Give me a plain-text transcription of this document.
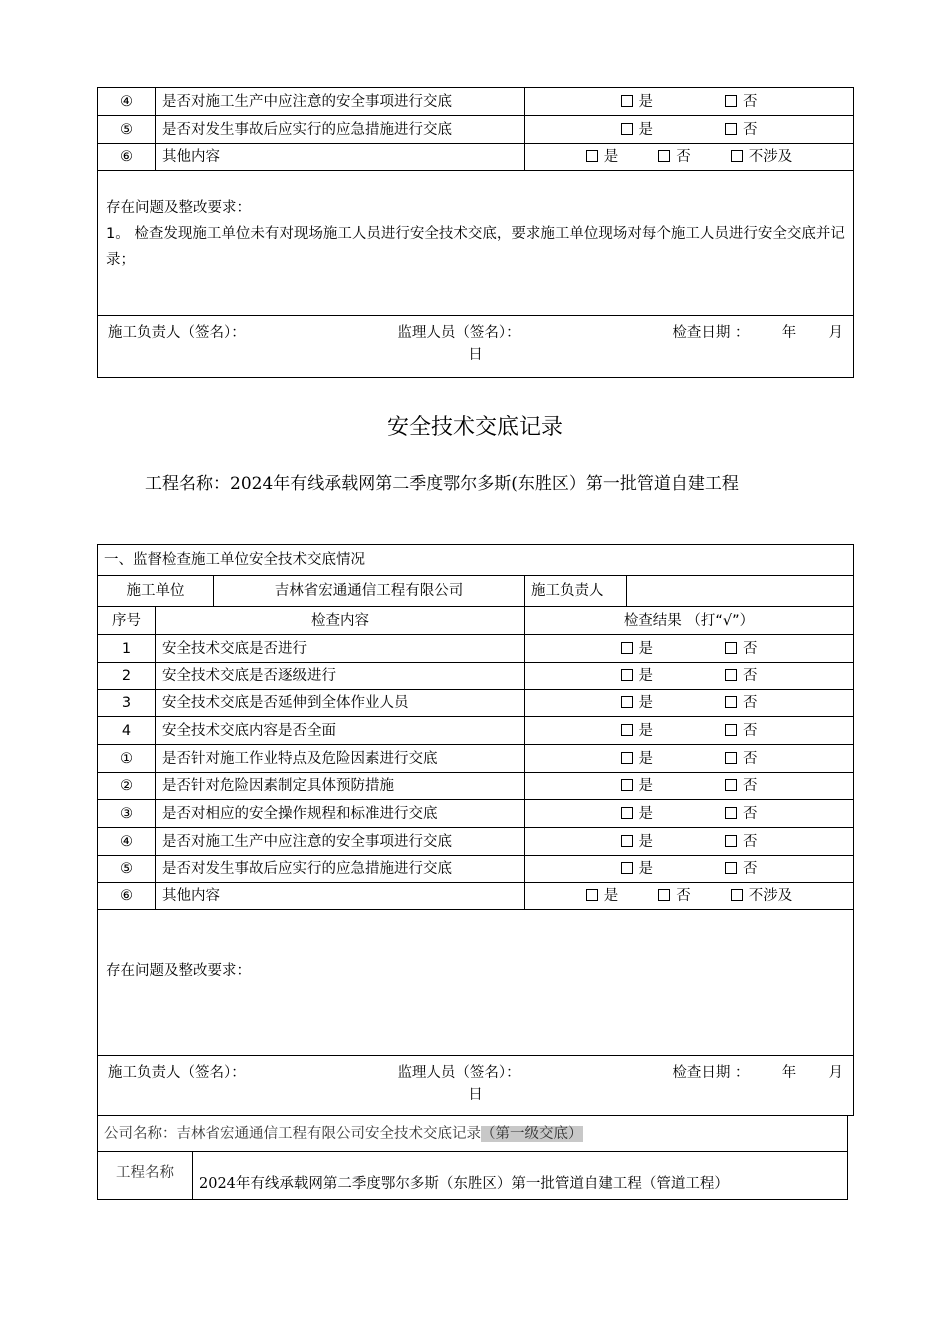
④	是否对施工生产中应注意的安全事项进行交底	是 否

⑤	是否对发生事故后应实行的应急措施进行交底	是 否

⑥	其他内容	是 否 不涉及

存在问题及整改要求：
1。 检查发现施工单位未有对现场施工人员进行安全技术交底，要求施工单位现场对每个施工人员进行安全交底并记录；		

施工负责人（签名）： 监理人员（签名）： 检查日期 ： 年 月
日		
安全技术交底记录
工程名称：2024年有线承载网第二季度鄂尔多斯(东胜区）第一批管道自建工程
一、监督检查施工单位安全技术交底情况				
施工单位		吉林省宏通通信工程有限公司	施工负责人	
序号	检查内容		检查结果 （打“√”）	
1	安全技术交底是否进行		是 否	

2	安全技术交底是否逐级进行		是 否	

3	安全技术交底是否延伸到全体作业人员		是 否	

4	安全技术交底内容是否全面		是 否	

①	是否针对施工作业特点及危险因素进行交底		是 否	

②	是否针对危险因素制定具体预防措施		是 否	

③	是否对相应的安全操作规程和标准进行交底		是 否	

④	是否对施工生产中应注意的安全事项进行交底		是 否	

⑤	是否对发生事故后应实行的应急措施进行交底		是 否	

⑥	其他内容		是 否 不涉及	

存在问题及整改要求：				

施工负责人（签名）： 监理人员（签名）： 检查日期 ： 年 月
日				
公司名称：吉林省宏通通信工程有限公司安全技术交底记录（第一级交底）
工程名称	2024年有线承载网第二季度鄂尔多斯（东胜区）第一批管道自建工程（管道工程）
